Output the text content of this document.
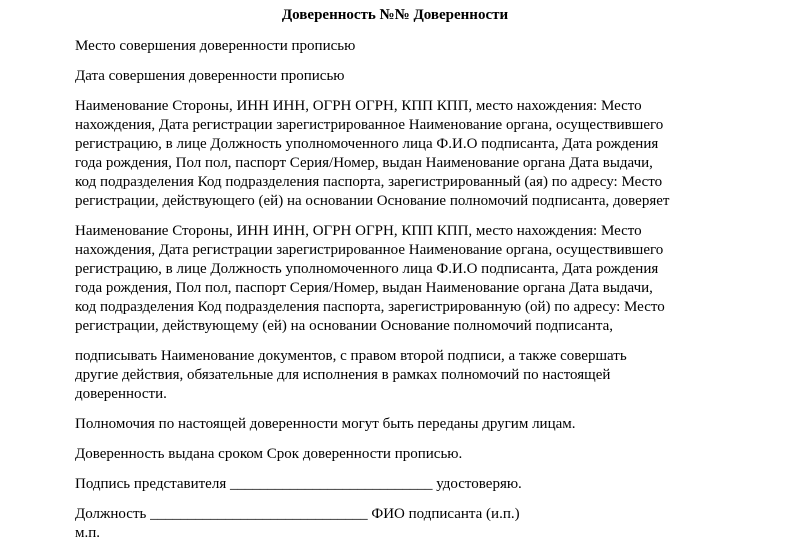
Доверенность №№ Доверенности

Место совершения доверенности прописью

Дата совершения доверенности прописью

Наименование Стороны, ИНН ИНН, ОГРН ОГРН, КПП КПП, место нахождения: Место
нахождения, Дата регистрации зарегистрированное Наименование органа, осуществившего
регистрацию, в лице Должность уполномоченного лица Ф.И.О подписанта, Дата рождения
года рождения, Пол пол, паспорт Серия/Номер, выдан Наименование органа Дата выдачи,
код подразделения Код подразделения паспорта, зарегистрированный (ая) по адресу: Место
регистрации, действующего (ей) на основании Основание полномочий подписанта, доверяет
Наименование Стороны, ИНН ИНН, ОГРН ОГРН, КПП КПП, место нахождения: Место
нахождения, Дата регистрации зарегистрированное Наименование органа, осуществившего
регистрацию, в лице Должность уполномоченного лица Ф.И.О подписанта, Дата рождения
года рождения, Пол пол, паспорт Серия/Номер, выдан Наименование органа Дата выдачи,
код подразделения Код подразделения паспорта, зарегистрированную (ой) по адресу: Место
регистрации, действующему (ей) на основании Основание полномочий подписанта,
подписывать Наименование документов, с правом второй подписи, а также совершать
другие действия, обязательные для исполнения в рамках полномочий по настоящей
доверенности.

Полномочия по настоящей доверенности могут быть переданы другим лицам.

Доверенность выдана сроком Срок доверенности прописью.

Подпись представителя ___________________________ удостоверяю.

Должность _____________________________ ФИО подписанта (и.п.)

м.п.
